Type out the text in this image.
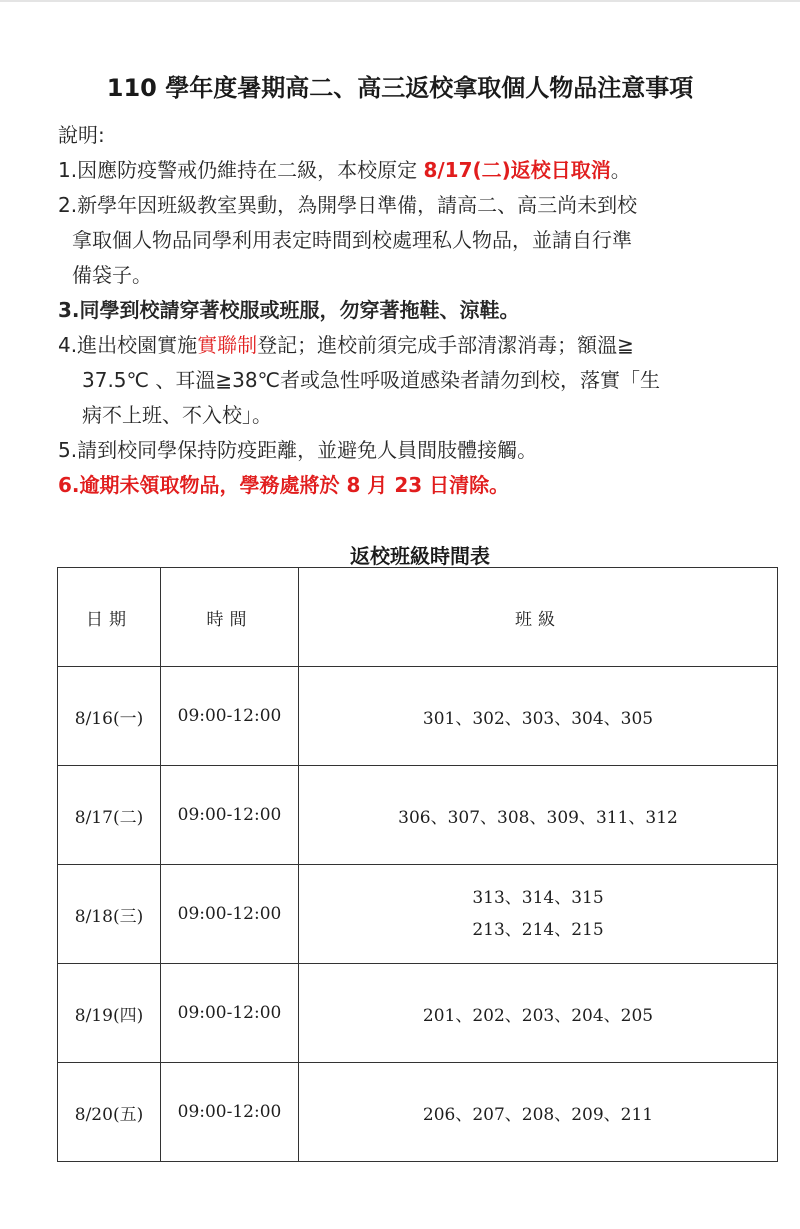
110 學年度暑期高二、高三返校拿取個人物品注意事項
說明:
1.因應防疫警戒仍維持在二級，本校原定 8/17(二)返校日取消。
2.新學年因班級教室異動，為開學日準備，請高二、高三尚未到校
拿取個人物品同學利用表定時間到校處理私人物品，並請自行準
備袋子。
3.同學到校請穿著校服或班服，勿穿著拖鞋、涼鞋。
4.進出校園實施實聯制登記；進校前須完成手部清潔消毒；額溫≧
37.5℃ 、耳溫≧38℃者或急性呼吸道感染者請勿到校，落實「生
病不上班、不入校」。
5.請到校同學保持防疫距離，並避免人員間肢體接觸。
6.逾期未領取物品，學務處將於 8 月 23 日清除。
返校班級時間表
日期	時間	班級
8/16(一)	09:00-12:00	301、302、303、304、305
8/17(二)	09:00-12:00	306、307、308、309、311、312
8/18(三)	09:00-12:00	313、314、315
213、214、215

8/19(四)	09:00-12:00	201、202、203、204、205
8/20(五)	09:00-12:00	206、207、208、209、211
